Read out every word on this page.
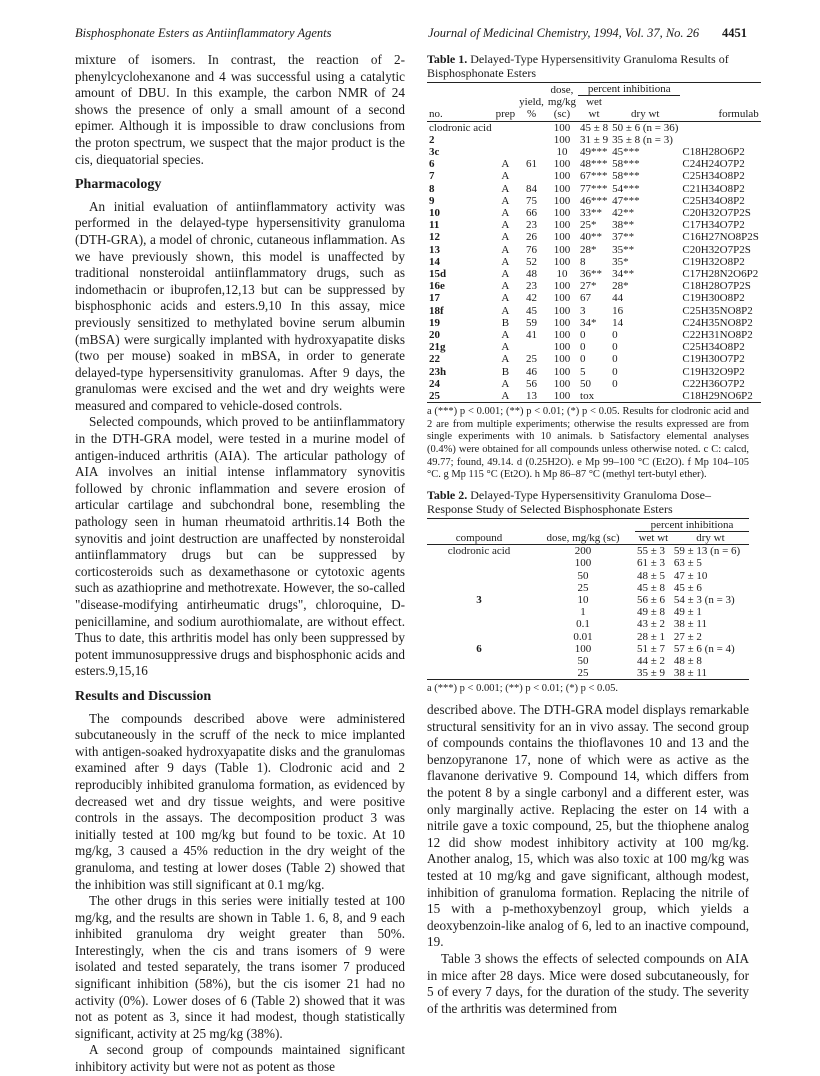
Bisphosphonate Esters as Antiinflammatory Agents	Journal of Medicinal Chemistry, 1994, Vol. 37, No. 26 4451

mixture of isomers. In contrast, the reaction of 2-phenylcyclohexanone and 4 was successful using a catalytic amount of DBU. In this example, the carbon NMR of 24 shows the presence of only a small amount of a second epimer. Although it is impossible to draw conclusions from the proton spectrum, we suspect that the major product is the cis, diequatorial species.

Pharmacology

An initial evaluation of antiinflammatory activity was performed in the delayed-type hypersensitivity granuloma (DTH-GRA), a model of chronic, cutaneous inflammation. As we have previously shown, this model is unaffected by traditional nonsteroidal antiinflammatory drugs, such as indomethacin or ibuprofen,12,13 but can be suppressed by bisphosphonic acids and esters.9,10 In this assay, mice previously sensitized to methylated bovine serum albumin (mBSA) were surgically implanted with hydroxyapatite disks (two per mouse) soaked in mBSA, in order to generate delayed-type hypersensitivity granulomas. After 9 days, the granulomas were excised and the wet and dry weights were measured and compared to vehicle-dosed controls.

Selected compounds, which proved to be antiinflammatory in the DTH-GRA model, were tested in a murine model of antigen-induced arthritis (AIA). The articular pathology of AIA involves an initial intense inflammatory synovitis followed by chronic inflammation and severe erosion of articular cartilage and subchondral bone, resembling the pathology seen in human rheumatoid arthritis.14 Both the synovitis and joint destruction are unaffected by nonsteroidal antiinflammatory drugs but can be suppressed by corticosteroids such as dexamethasone or cytotoxic agents such as azathioprine and methotrexate. However, the so-called "disease-modifying antirheumatic drugs", chloroquine, D-penicillamine, and sodium aurothiomalate, are without effect. Thus to date, this arthritis model has only been suppressed by potent immunosuppressive drugs and bisphosphonic acids and esters.9,15,16

Results and Discussion

The compounds described above were administered subcutaneously in the scruff of the neck to mice implanted with antigen-soaked hydroxyapatite disks and the granulomas examined after 9 days (Table 1). Clodronic acid and 2 reproducibly inhibited granuloma formation, as evidenced by decreased wet and dry tissue weights, and were positive controls in the assays. The decomposition product 3 was initially tested at 100 mg/kg but found to be toxic. At 10 mg/kg, 3 caused a 45% reduction in the dry weight of the granuloma, and testing at lower doses (Table 2) showed that the inhibition was still significant at 0.1 mg/kg.

The other drugs in this series were initially tested at 100 mg/kg, and the results are shown in Table 1. 6, 8, and 9 each inhibited granuloma dry weight greater than 50%. Interestingly, when the cis and trans isomers of 9 were isolated and tested separately, the trans isomer 7 produced significant inhibition (58%), but the cis isomer 21 had no activity (0%). Lower doses of 6 (Table 2) showed that it was not as potent as 3, since it had modest, though statistically significant, activity at 25 mg/kg (38%).

A second group of compounds maintained significant inhibitory activity but were not as potent as those

Table 1. Delayed-Type Hypersensitivity Granuloma Results of Bisphosphonate Esters
			dose, mg/kg (sc)	percent inhibitiona		
no.	prep	yield, %		wet wt	dry wt	formulab
clodronic acid			100	45 ± 8	50 ± 6 (n = 36)	
2			100	31 ± 9	35 ± 8 (n = 3)	
3c			10	49***	45***	C18H28O6P2
6	A	61	100	48***	58***	C24H24O7P2
7	A		100	67***	58***	C25H34O8P2
8	A	84	100	77***	54***	C21H34O8P2
9	A	75	100	46***	47***	C25H34O8P2
10	A	66	100	33**	42**	C20H32O7P2S
11	A	23	100	25*	38**	C17H34O7P2
12	A	26	100	40**	37**	C16H27NO8P2S
13	A	76	100	28*	35**	C20H32O7P2S
14	A	52	100	8	35*	C19H32O8P2
15d	A	48	10	36**	34**	C17H28N2O6P2
16e	A	23	100	27*	28*	C18H28O7P2S
17	A	42	100	67	44	C19H30O8P2
18f	A	45	100	3	16	C25H35NO8P2
19	B	59	100	34*	14	C24H35NO8P2
20	A	41	100	0	0	C22H31NO8P2
21g	A		100	0	0	C25H34O8P2
22	A	25	100	0	0	C19H30O7P2
23h	B	46	100	5	0	C19H32O9P2
24	A	56	100	50	0	C22H36O7P2
25	A	13	100	tox		C18H29NO6P2
a (***) p < 0.001; (**) p < 0.01; (*) p < 0.05. Results for clodronic acid and 2 are from multiple experiments; otherwise the results expressed are from single experiments with 10 animals. b Satisfactory elemental analyses (0.4%) were obtained for all compounds unless otherwise noted. c C: calcd, 49.77; found, 49.14. d (0.25H2O). e Mp 99–100 °C (Et2O). f Mp 104–105 °C. g Mp 115 °C (Et2O). h Mp 86–87 °C (methyl tert-butyl ether).
Table 2. Delayed-Type Hypersensitivity Granuloma Dose–Response Study of Selected Bisphosphonate Esters
		percent inhibitiona	
compound	dose, mg/kg (sc)	wet wt	dry wt
clodronic acid	200	55 ± 3	59 ± 13 (n = 6)
	100	61 ± 3	63 ± 5
	50	48 ± 5	47 ± 10
	25	45 ± 8	45 ± 6
3	10	56 ± 6	54 ± 3 (n = 3)
	1	49 ± 8	49 ± 1
	0.1	43 ± 2	38 ± 11
	0.01	28 ± 1	27 ± 2
6	100	51 ± 7	57 ± 6 (n = 4)
	50	44 ± 2	48 ± 8
	25	35 ± 9	38 ± 11
a (***) p < 0.001; (**) p < 0.01; (*) p < 0.05.

described above. The DTH-GRA model displays remarkable structural sensitivity for an in vivo assay. The second group of compounds contains the thioflavones 10 and 13 and the benzopyranone 17, none of which were as active as the flavanone derivative 9. Compound 14, which differs from the potent 8 by a single carbonyl and a different ester, was only marginally active. Replacing the ester on 14 with a nitrile gave a toxic compound, 25, but the thiophene analog 12 did show modest inhibitory activity at 100 mg/kg. Another analog, 15, which was also toxic at 100 mg/kg was tested at 10 mg/kg and gave significant, although modest, inhibition of granuloma formation. Replacing the nitrile of 15 with a p-methoxybenzoyl group, which yields a deoxybenzoin-like analog of 6, led to an inactive compound, 19.

Table 3 shows the effects of selected compounds on AIA in mice after 28 days. Mice were dosed subcutaneously, for 5 of every 7 days, for the duration of the study. The severity of the arthritis was determined from
